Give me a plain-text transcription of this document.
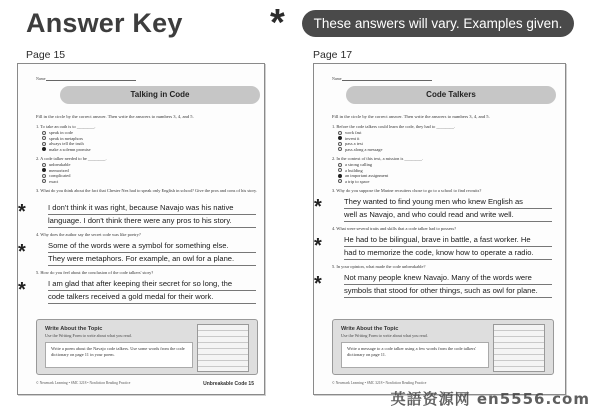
Answer Key *	These answers will vary. Examples given.
Page 15
Name
Talking in Code
Fill in the circle by the correct answer. Then write the answers to numbers 3, 4, and 5.
1. To take an oath is to ________.
speak in code
speak in metaphors
always tell the truth
make a solemn promise
2. A code talker needed to be ________.
unbreakable
memorized
complicated
exact
3. What do you think about the fact that Chester Nez had to speak only English in school? Give the pros and cons of his story.
*	I don't think it was right, because Navajo was his native
language. I don't think there were any pros to his story.
4. Why does the author say the secret code was like poetry?
*	Some of the words were a symbol for something else.
They were metaphors. For example, an owl for a plane.
5. How do you feel about the conclusion of the code talkers' story?
*	I am glad that after keeping their secret for so long, the
code talkers received a gold medal for their work.
Write About the Topic
Use the Writing Form to write about what you read.
Write a poem about the Navajo code talkers. Use some words from the code dictionary on page 11 in your poem.
© Newmark Learning • SMC 3218 • Nonfiction Reading Practice	Unbreakable Code 15
Page 17
Name
Code Talkers
Fill in the circle by the correct answer. Then write the answers to numbers 3, 4, and 5.
1. Before the code talkers could learn the code, they had to ________.
work fast
invent it
pass a test
pass along a message
2. In the context of this text, a mission is ________.
a strong calling
a building
an important assignment
a trip to space
3. Why do you suppose the Marine recruiters chose to go to a school to find recruits?
*	They wanted to find young men who knew English as
well as Navajo, and who could read and write well.
4. What were several traits and skills that a code talker had to possess?
*	He had to be bilingual, brave in battle, a fast worker. He
had to memorize the code, know how to operate a radio.
5. In your opinion, what made the code unbreakable?
*	Not many people knew Navajo. Many of the words were
symbols that stood for other things, such as owl for plane.
Write About the Topic
Use the Writing Form to write about what you read.
Write a message to a code talker using a few words from the code talkers' dictionary on page 11.
© Newmark Learning • SMC 3218 • Nonfiction Reading Practice
英語资源网 en5556.com
